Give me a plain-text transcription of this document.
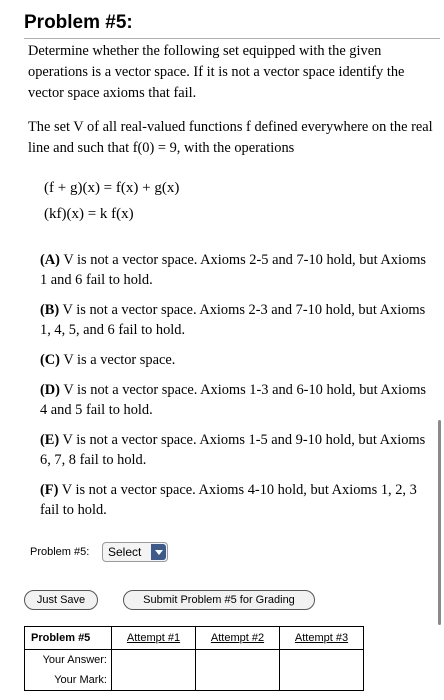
Problem #5:
Determine whether the following set equipped with the given operations is a vector space. If it is not a vector space identify the vector space axioms that fail.
The set V of all real-valued functions f defined everywhere on the real line and such that f(0) = 9, with the operations
(f + g)(x) = f(x) + g(x)
(kf)(x) = k f(x)
(A) V is not a vector space. Axioms 2-5 and 7-10 hold, but Axioms 1 and 6 fail to hold.
(B) V is not a vector space. Axioms 2-3 and 7-10 hold, but Axioms 1, 4, 5, and 6 fail to hold.
(C) V is a vector space.
(D) V is not a vector space. Axioms 1-3 and 6-10 hold, but Axioms 4 and 5 fail to hold.
(E) V is not a vector space. Axioms 1-5 and 9-10 hold, but Axioms 6, 7, 8 fail to hold.
(F) V is not a vector space. Axioms 4-10 hold, but Axioms 1, 2, 3 fail to hold.
Problem #5: Select
Just Save	Submit Problem #5 for Grading
Problem #5	Attempt #1	Attempt #2	Attempt #3
Your Answer:			
Your Mark:			
